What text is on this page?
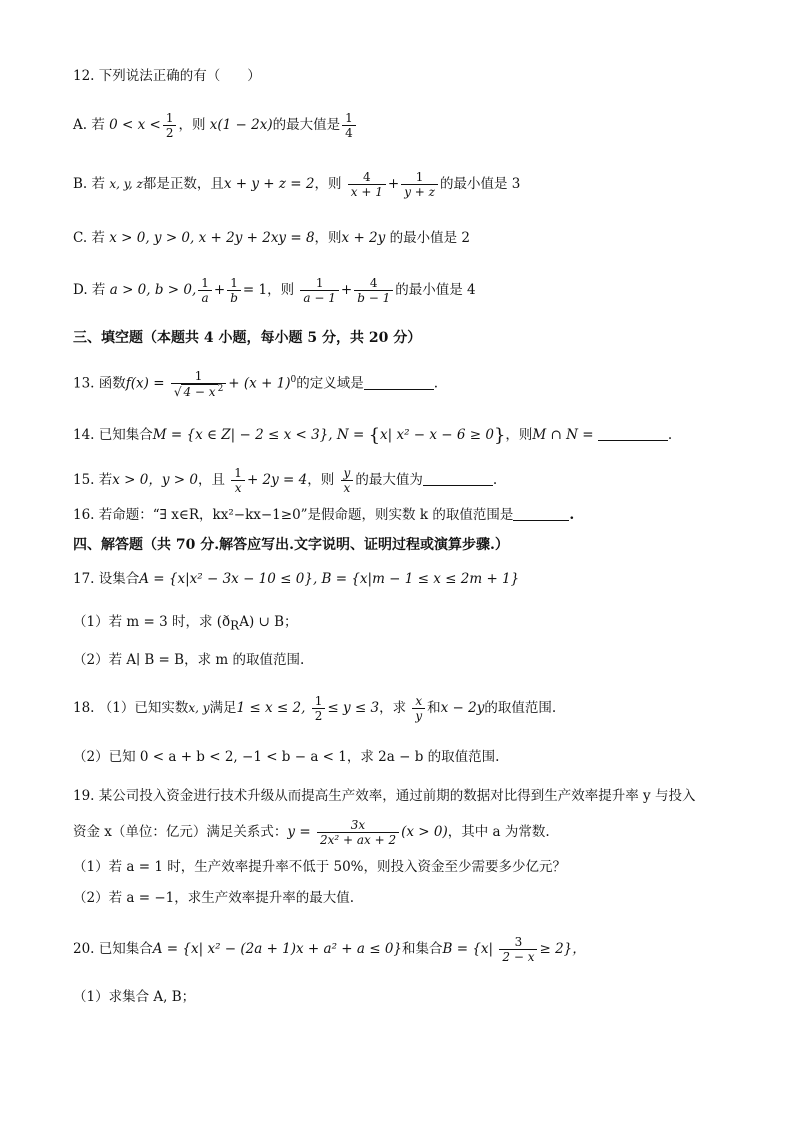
12. 下列说法正确的有（　　）
A. 若 $0 < x < \frac{1}{2}$ ，则 x(1 − 2x)的最大值是 $\frac{1}{4}$
B. 若 x, y, z都是正数，且x + y + z = 2，则 $\frac{4}{x + 1} + \frac{1}{y + z}$ 的最小值是 3
C. 若 x > 0, y > 0, x + 2y + 2xy = 8，则x + 2y 的最小值是 2
D. 若 a > 0, b > 0, $\frac{1}{a} + \frac{1}{b} = 1$，则 $\frac{1}{a - 1} + \frac{4}{b - 1}$ 的最小值是 4
三、填空题（本题共 4 小题，每小题 5 分，共 20 分）
13. 函数$f(x) = \frac{1}{√ 4 - x ^2} + (x + 1)^0$的定义域是	.
14. 已知集合M = {x ∈ Z| − 2 ≤ x < 3}, N = {x| x² − x − 6 ≥ 0}，则M ∩ N =	.
15. 若x > 0，y > 0，且 $\frac{1}{x} + 2y = 4$，则 $\frac{y}{x}$ 的最大值为	.
16. 若命题：“∃ x∈R，kx²−kx−1≥0”是假命题，则实数 k 的取值范围是	.
四、解答题（共 70 分.解答应写出.文字说明、证明过程或演算步骤.）
17. 设集合A = {x|x² − 3x − 10 ≤ 0}, B = {x|m − 1 ≤ x ≤ 2m + 1}
（1）若 m = 3 时，求 $(ð_RA)$ ∪ B；
（2）若 A∣ B = B，求 m 的取值范围.
18. （1）已知实数x, y满足1 ≤ x ≤ 2, $\frac{1}{2} \le y \le 3$，求 $\frac{x}{y}$ 和x − 2y的取值范围.
（2）已知 0 < a + b < 2, −1 < b − a < 1，求 2a − b 的取值范围.
19. 某公司投入资金进行技术升级从而提高生产效率，通过前期的数据对比得到生产效率提升率 y 与投入
资金 x（单位：亿元）满足关系式：$y = \frac{3x}{\text{2x² + ax + 2}} (x > 0)$，其中 a 为常数.
（1）若 a = 1 时，生产效率提升率不低于 50%，则投入资金至少需要多少亿元？
（2）若 a = −1，求生产效率提升率的最大值.
20. 已知集合A = {x| x² − (2a + 1)x + a² + a ≤ 0}和集合$B = \{x| \frac{3}{2 - x} \ge 2\}$，
（1）求集合 A, B；
